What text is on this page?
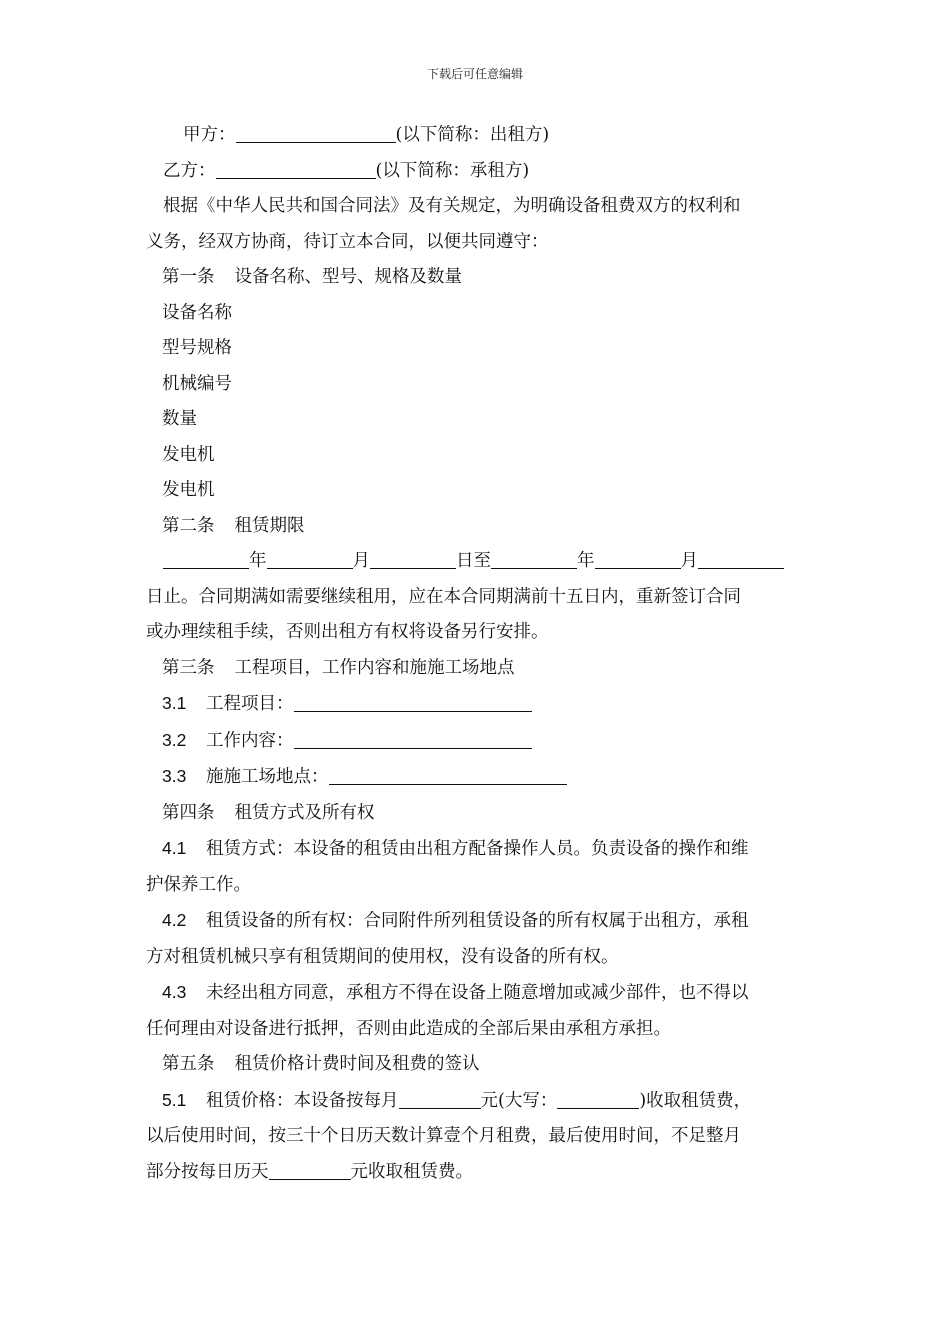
下载后可任意编辑

甲方：	(以下简称：出租方)

乙方：	(以下简称：承租方)

根据《中华人民共和国合同法》及有关规定，为明确设备租费双方的权利和

义务，经双方协商，待订立本合同，以便共同遵守：

第一条 设备名称、型号、规格及数量

设备名称

型号规格

机械编号

数量

发电机

发电机

第二条 租赁期限

年	月	日至	年	月

日止。合同期满如需要继续租用，应在本合同期满前十五日内，重新签订合同

或办理续租手续，否则出租方有权将设备另行安排。

第三条 工程项目，工作内容和施施工场地点

3.1 工程项目：

3.2 工作内容：

3.3 施施工场地点：

第四条 租赁方式及所有权

4.1 租赁方式：本设备的租赁由出租方配备操作人员。负责设备的操作和维

护保养工作。

4.2 租赁设备的所有权：合同附件所列租赁设备的所有权属于出租方，承租

方对租赁机械只享有租赁期间的使用权，没有设备的所有权。

4.3 未经出租方同意，承租方不得在设备上随意增加或减少部件，也不得以

任何理由对设备进行抵押，否则由此造成的全部后果由承租方承担。

第五条 租赁价格计费时间及租费的签认

5.1 租赁价格：本设备按每月	元(大写：	)收取租赁费，

以后使用时间，按三十个日历天数计算壹个月租费，最后使用时间，不足整月

部分按每日历天	元收取租赁费。
